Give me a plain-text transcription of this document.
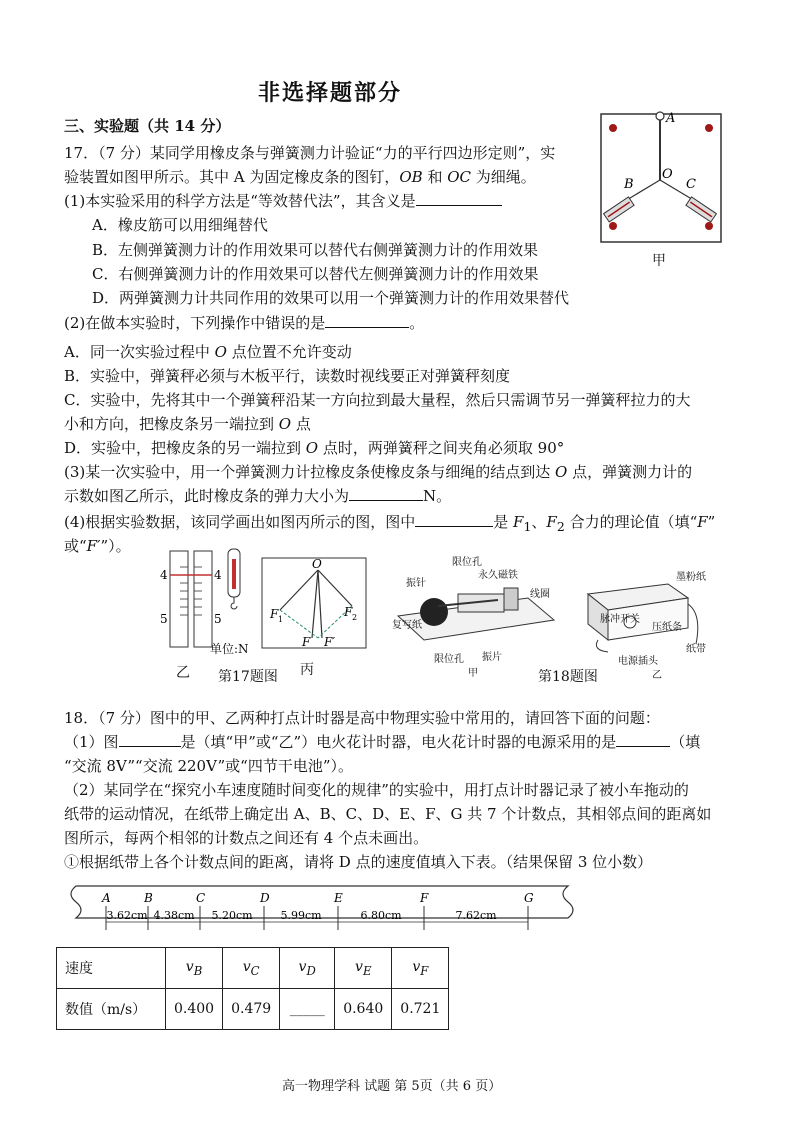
非选择题部分
三、实验题（共 14 分）
17．（7 分）某同学用橡皮条与弹簧测力计验证“力的平行四边形定则”，实
验装置如图甲所示。其中 A 为固定橡皮条的图钉，OB 和 OC 为细绳。
(1)本实验采用的科学方法是“等效替代法”，其含义是
A．橡皮筋可以用细绳替代
B．左侧弹簧测力计的作用效果可以替代右侧弹簧测力计的作用效果
C．右侧弹簧测力计的作用效果可以替代左侧弹簧测力计的作用效果
D．两弹簧测力计共同作用的效果可以用一个弹簧测力计的作用效果替代
(2)在做本实验时，下列操作中错误的是	。
A．同一次实验过程中 O 点位置不允许变动
B．实验中，弹簧秤必须与木板平行，读数时视线要正对弹簧秤刻度
C．实验中，先将其中一个弹簧秤沿某一方向拉到最大量程，然后只需调节另一弹簧秤拉力的大
小和方向，把橡皮条另一端拉到 O 点
D．实验中，把橡皮条的另一端拉到 O 点时，两弹簧秤之间夹角必须取 90°
(3)某一次实验中，用一个弹簧测力计拉橡皮条使橡皮条与细绳的结点到达 O 点，弹簧测力计的
示数如图乙所示，此时橡皮条的弹力大小为	N。
(4)根据实验数据，该同学画出如图丙所示的图，图中	是 $F_1$、$F_2$ 合力的理论值（填“F”
或“F′”）。
A
O
B	C
甲
4
5
4
5
乙
O
F 1
F 2
F F′
单位:N
丙
第17题图
限位孔
永久磁铁
振针
线圈
复写纸
限位孔 振片
甲
墨粉纸
脉冲开关
压纸条
纸带
电源插头
乙
第18题图
18．（7 分）图中的甲、乙两种打点计时器是高中物理实验中常用的，请回答下面的问题：
（1）图	是（填“甲”或“乙”）电火花计时器，电火花计时器的电源采用的是	（填
“交流 8V”“交流 220V”或“四节干电池”）。
（2）某同学在“探究小车速度随时间变化的规律”的实验中，用打点计时器记录了被小车拖动的
纸带的运动情况，在纸带上确定出 A、B、C、D、E、F、G 共 7 个计数点，其相邻点间的距离如
图所示，每两个相邻的计数点之间还有 4 个点未画出。
①根据纸带上各个计数点间的距离，请将 D 点的速度值填入下表。（结果保留 3 位小数）
A	B	C	D	E	F	G
3.62cm 4.38cm 5.20cm	5.99cm	6.80cm	7.62cm
速度	$v_B$	$v_C$	$v_D$	$v_E$	$v_F$
数值（m/s）	0.400	0.479	_____	0.640	0.721
高一物理学科 试题 第 5页（共 6 页）
